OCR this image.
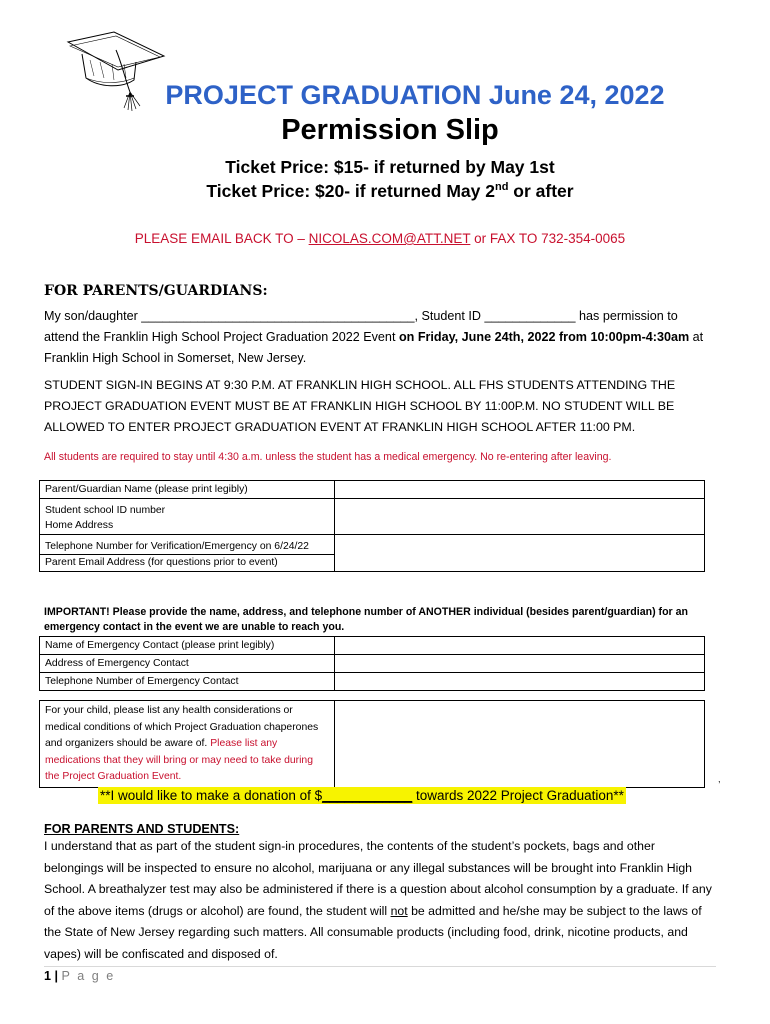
PROJECT GRADUATION June 24, 2022
Permission Slip
Ticket Price: $15- if returned by May 1st
Ticket Price: $20- if returned May 2nd or after
PLEASE EMAIL BACK TO – NICOLAS.COM@ATT.NET or FAX TO 732-354-0065
FOR PARENTS/GUARDIANS:
My son/daughter _______________________________________, Student ID _____________ has permission to attend the Franklin High School Project Graduation 2022 Event on Friday, June 24th, 2022 from 10:00pm-4:30am at Franklin High School in Somerset, New Jersey.
STUDENT SIGN-IN BEGINS AT 9:30 P.M. AT FRANKLIN HIGH SCHOOL. ALL FHS STUDENTS ATTENDING THE PROJECT GRADUATION EVENT MUST BE AT FRANKLIN HIGH SCHOOL BY 11:00P.M. NO STUDENT WILL BE ALLOWED TO ENTER PROJECT GRADUATION EVENT AT FRANKLIN HIGH SCHOOL AFTER 11:00 PM.
All students are required to stay until 4:30 a.m. unless the student has a medical emergency. No re-entering after leaving.
Parent/Guardian Name (please print legibly)	

Student school ID number
Home Address	

Telephone Number for Verification/Emergency on 6/24/22
Parent Email Address (for questions prior to event)	

IMPORTANT! Please provide the name, address, and telephone number of ANOTHER individual (besides parent/guardian) for an emergency contact in the event we are unable to reach you.
Name of Emergency Contact (please print legibly)	
Address of Emergency Contact	
Telephone Number of Emergency Contact	
For your child, please list any health considerations or medical conditions of which Project Graduation chaperones and organizers should be aware of. Please list any medications that they will bring or may need to take during the Project Graduation Event.		,
**I would like to make a donation of $____________ towards 2022 Project Graduation**
FOR PARENTS AND STUDENTS:
I understand that as part of the student sign-in procedures, the contents of the student’s pockets, bags and other belongings will be inspected to ensure no alcohol, marijuana or any illegal substances will be brought into Franklin High School. A breathalyzer test may also be administered if there is a question about alcohol consumption by a graduate. If any of the above items (drugs or alcohol) are found, the student will not be admitted and he/she may be subject to the laws of the State of New Jersey regarding such matters. All consumable products (including food, drink, nicotine products, and vapes) will be confiscated and disposed of.
1 | P a g e
